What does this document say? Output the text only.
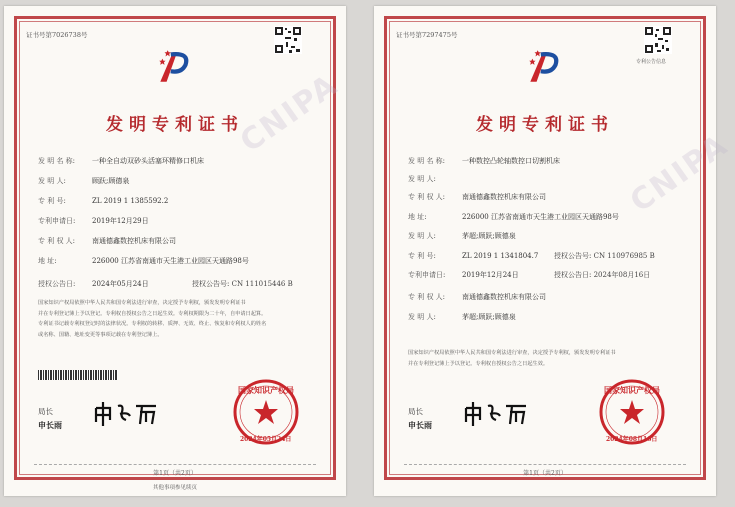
证书号第7026738号
发明专利证书
发 明 名 称: 一种全自动双砂头活塞环精修口机床
发 明 人:	顾跃;顾德泉
专 利 号:	ZL 2019 1 1385592.2
专利申请日: 2019年12月29日
专 利 权 人: 南通德鑫数控机床有限公司
地 址:	226000 江苏省南通市天生港工业园区天通路98号
授权公告日: 2024年05月24日	授权公告号: CN 111015446 B
国家知识产权局依照中华人民共和国专利法进行审查，决定授予专利权，颁发发明专利证书
并在专利登记簿上予以登记。专利权自授权公告之日起生效。专利权期限为二十年，自申请日起算。
专利证书记载专利权登记时的法律状况。专利权的转移、质押、无效、终止、恢复和专利权人的姓名
或名称、国籍、地址变更等事项记载在专利登记簿上。
局长
申长雨
国家知识产权局
2024年05月24日
第1页（共2页）
其他事项参见续页
CNIPA
证书号第7297475号
专利公告信息
发明专利证书
发 明 名 称: 一种数控凸轮轴数控口切割机床
发 明 人:
专 利 权 人: 南通德鑫数控机床有限公司
地 址:	226000 江苏省南通市天生港工业园区天通路98号
发 明 人:	茅超;顾跃;顾德泉
专 利 号:	ZL 2019 1 1341804.7 授权公告号: CN 110976985 B
专利申请日: 2019年12月24日	授权公告日: 2024年08月16日
专 利 权 人: 南通德鑫数控机床有限公司
发 明 人:	茅超;顾跃;顾德泉
国家知识产权局依照中华人民共和国专利法进行审查，决定授予专利权，颁发发明专利证书
并在专利登记簿上予以登记。专利权自授权公告之日起生效。
局长
申长雨
国家知识产权局
2024年08月16日
第1页（共2页）
CNIPA
